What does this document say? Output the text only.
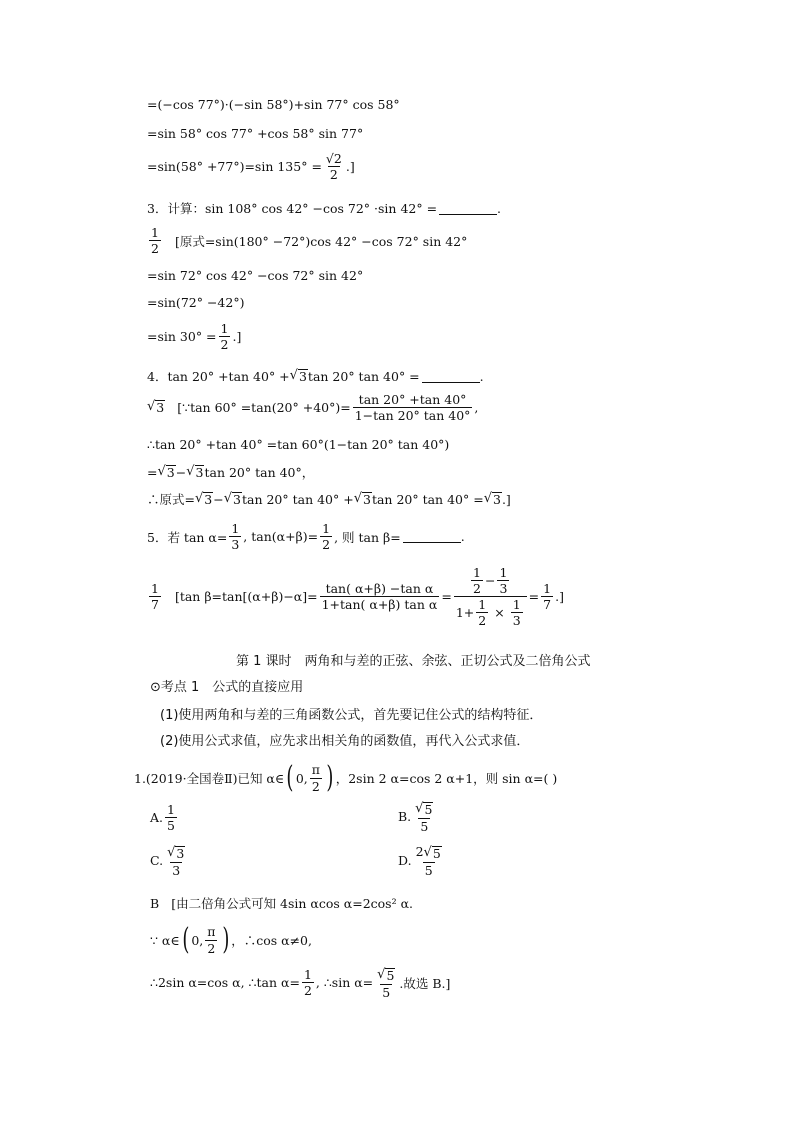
=(−cos 77°)·(−sin 58°)+sin 77° cos 58°
=sin 58° cos 77° +cos 58° sin 77°
=sin(58° +77°)=sin $135^\circ = \frac{√2}{2}$ .]
3．计算：sin 108° cos 42° −cos 72° ·sin 42° =	.
$\frac{1}{2}$ [原式=sin(180° −72°)cos 42° −cos 72° sin 42°
=sin 72° cos 42° −cos 72° sin 42°
=sin(72° −42°)
=sin $30^\circ = \frac{1}{2}$ .]
4．tan 20° +tan 40° + √ 3 tan 20° tan 40° =	.
√ 3 [∵tan $60^\circ =\tan(20^\circ +40^\circ)= \frac{\tan 20^\circ +\tan 40^\circ}{1-\tan 20^\circ \tan 40^\circ}$ ,
∴tan 20° +tan 40° =tan 60°(1−tan 20° tan 40°)
= √ 3 − √ 3 tan 20° tan 40°，
∴原式= √ 3 − √ 3 tan 20° tan 40° + √ 3 tan 20° tan 40° = √ 3 .]
5．若 $\tan \alpha= \frac{1}{3}$ , $\tan(\alpha+\beta)= \frac{1}{2}$ , 则 tan β=	.
$\frac{1}{7} [\tan$ $\beta=\tan[(\alpha+\beta)-\alpha]= \frac{\text{tan( α+β) −tan α}}{\text{1+tan( α+β) tan α}} = \frac{\frac{1}{2} - \frac{1}{3}}{1+ \frac{1}{2} \times \frac{1}{3}} = \frac{1}{7}$ .]
第 1 课时　两角和与差的正弦、余弦、正切公式及二倍角公式
⊙考点 1　公式的直接应用
(1)使用两角和与差的三角函数公式，首先要记住公式的结构特征．
(2)使用公式求值，应先求出相关角的函数值，再代入公式求值．
1.(2019·全国卷Ⅱ)已知 α∈ ( 0, $\frac{\pi}{2}$ ) ，2sin 2 α=cos 2 α+1，则 sin α=( )
A. $\frac{1}{5}$	B. $\frac{√ 5}{5}$
C. $\frac{√ 3}{3}$	D. $\frac{2 √ 5}{5}$
B [由二倍角公式可知 4sin αcos α=2cos² α.
∵ α∈ ( 0, $\frac{\pi}{2}$ ) ，∴cos α≠0,
∴2sin α=cos α, ∴tan $\alpha= \frac{1}{2}$ , ∴sin $\alpha= \frac{√ 5}{5}$ .故选 B.]
